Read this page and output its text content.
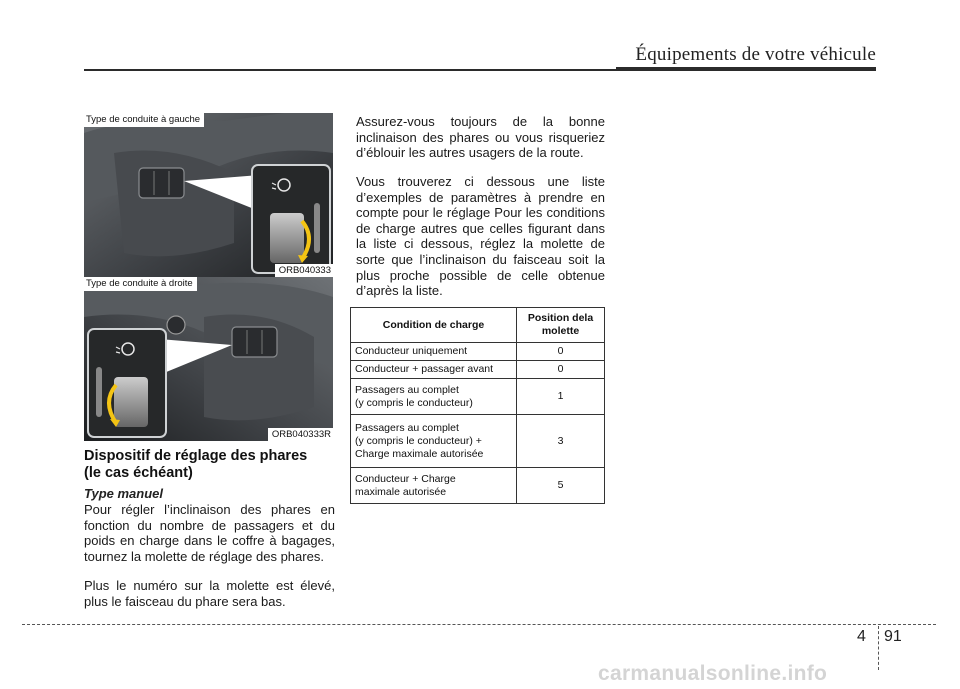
Équipements de votre véhicule
Type de conduite à gauche
ORB040333
Type de conduite à droite
ORB040333R
Dispositif de réglage des phares
(le cas échéant)
Type manuel

Pour régler l’inclinaison des phares en fonction du nombre de passagers et du poids en charge dans le coffre à bagages, tournez la molette de réglage des phares.

Plus le numéro sur la molette est élevé, plus le faisceau du phare sera bas.

Assurez-vous toujours de la bonne inclinaison des phares ou vous risqueriez d’éblouir les autres usagers de la route.

Vous trouverez ci dessous une liste d’exemples de paramètres à prendre en compte pour le réglage Pour les conditions de charge autres que celles figurant dans la liste ci dessous, réglez la molette de sorte que l’inclinaison du faisceau soit la plus proche possible de celle obtenue d’après la liste.

Condition de charge	Position dela molette

Conducteur uniquement	0

Conducteur + passager avant	0

Passagers au complet
(y compris le conducteur)	1

Passagers au complet
(y compris le conducteur) +
Charge maximale autorisée	3

Conducteur + Charge
maximale autorisée	5
4 91
carmanualsonline.info
